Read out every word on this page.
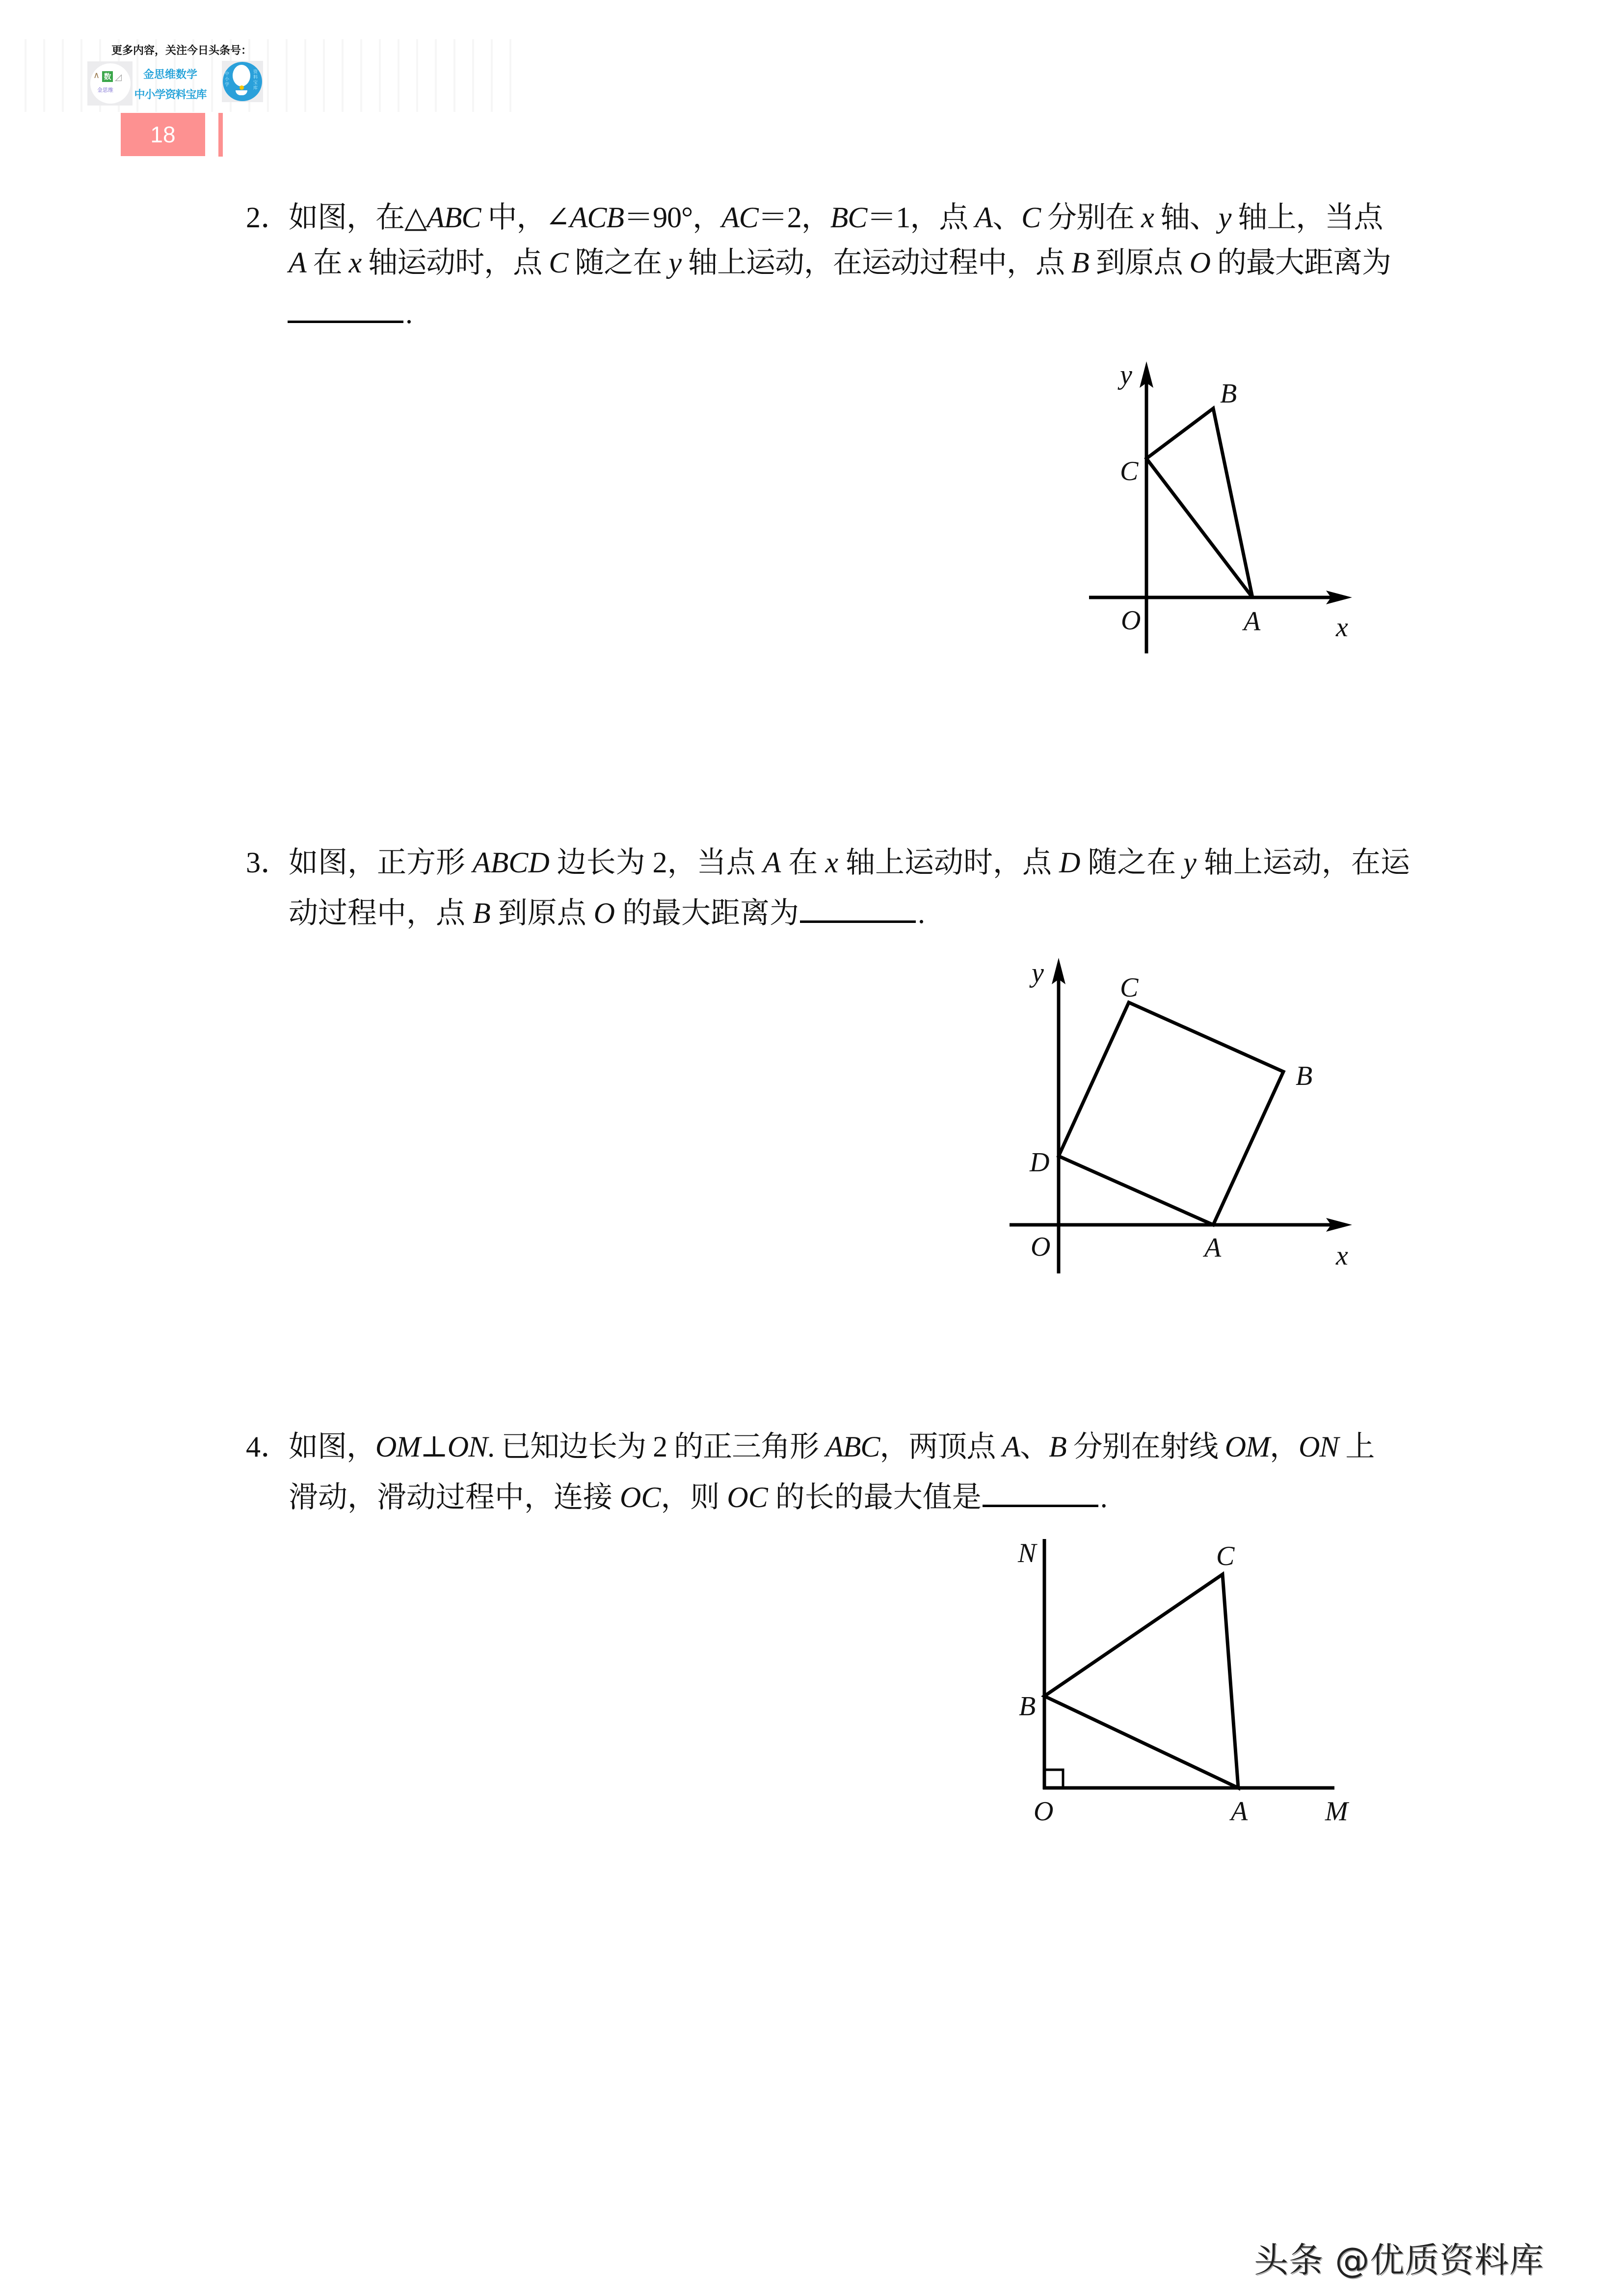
更多内容，关注今日头条号：
∧ 数 ◿
金思维
金思维数学
中小学资料宝库
中小学
资料宝库
18
2．
如图，在△ABC 中，∠ACB＝90°，AC＝2，BC＝1，点 A、C 分别在 x 轴、y 轴上，当点
A 在 x 轴运动时，点 C 随之在 y 轴上运动，在运动过程中，点 B 到原点 O 的最大距离为
.
y
B
C
O	A	x
3．
如图，正方形 ABCD 边长为 2，当点 A 在 x 轴上运动时，点 D 随之在 y 轴上运动，在运
动过程中，点 B 到原点 O 的最大距离为	.
y	C
B
D
O	A	x
4．
如图，OM⊥ON. 已知边长为 2 的正三角形 ABC，两顶点 A、B 分别在射线 OM，ON 上
滑动，滑动过程中，连接 OC，则 OC 的长的最大值是	.
N	C
B
O	A	M
头条 @优质资料库
